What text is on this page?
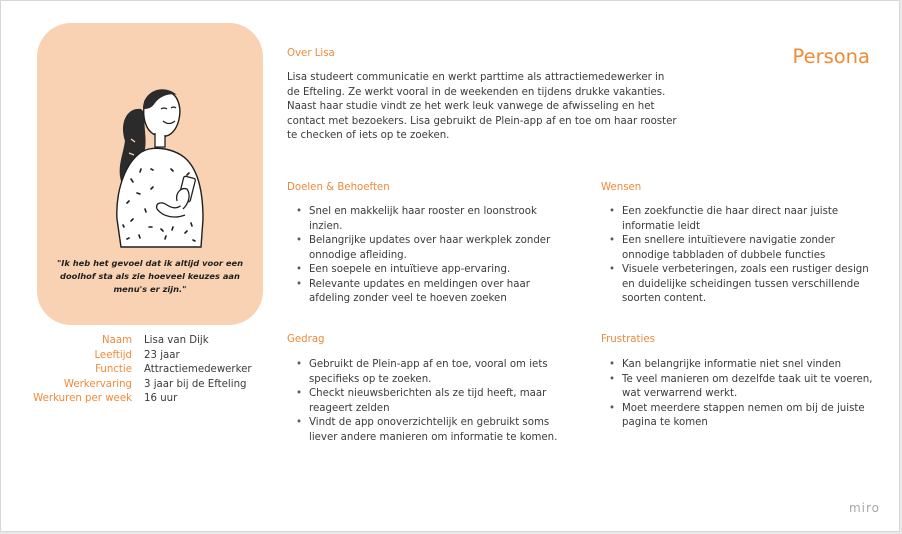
"Ik heb het gevoel dat ik altijd voor een doolhof sta als zie hoeveel keuzes aan menu's er zijn."

Naam Lisa van Dijk
Leeftijd 23 jaar
Functie Attractiemedewerker
Werkervaring 3 jaar bij de Efteling
Werkuren per week 16 uur
Persona
Over Lisa

Lisa studeert communicatie en werkt parttime als attractiemedewerker in de Efteling. Ze werkt vooral in de weekenden en tijdens drukke vakanties. Naast haar studie vindt ze het werk leuk vanwege de afwisseling en het contact met bezoekers. Lisa gebruikt de Plein-app af en toe om haar rooster te checken of iets op te zoeken.

Doelen & Behoeften
• Snel en makkelijk haar rooster en loonstrook inzien.
• Belangrijke updates over haar werkplek zonder onnodige afleiding.
• Een soepele en intuïtieve app-ervaring.
• Relevante updates en meldingen over haar afdeling zonder veel te hoeven zoeken
Wensen
• Een zoekfunctie die haar direct naar juiste informatie leidt
• Een snellere intuïtievere navigatie zonder onnodige tabbladen of dubbele functies
• Visuele verbeteringen, zoals een rustiger design en duidelijke scheidingen tussen verschillende soorten content.
Gedrag
• Gebruikt de Plein-app af en toe, vooral om iets specifieks op te zoeken.
• Checkt nieuwsberichten als ze tijd heeft, maar reageert zelden
• Vindt de app onoverzichtelijk en gebruikt soms liever andere manieren om informatie te komen.
Frustraties
• Kan belangrijke informatie niet snel vinden
• Te veel manieren om dezelfde taak uit te voeren, wat verwarrend werkt.
• Moet meerdere stappen nemen om bij de juiste pagina te komen
miro
